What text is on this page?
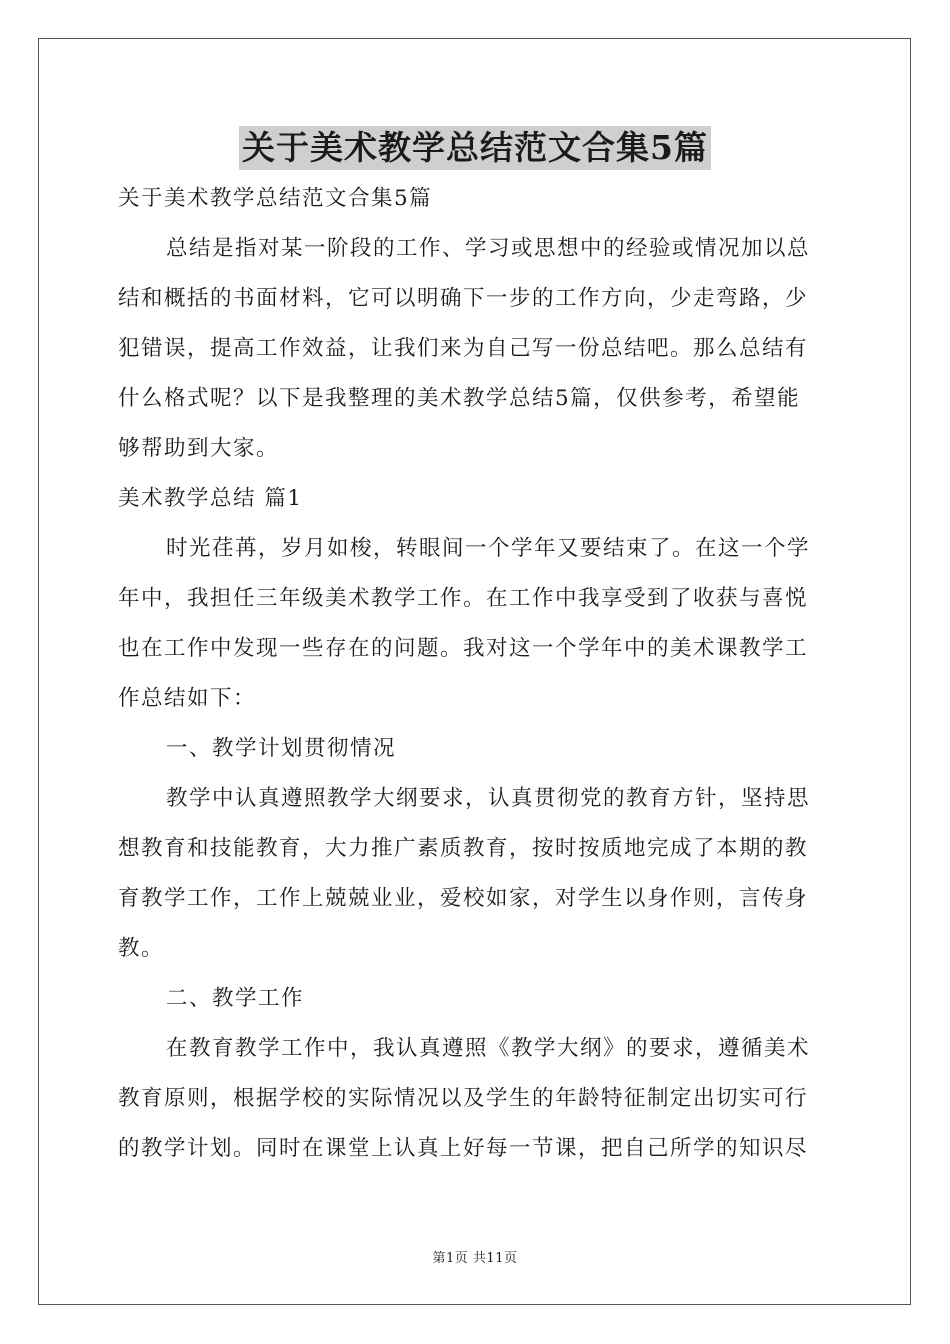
关于美术教学总结范文合集5篇
关于美术教学总结范文合集5篇
总结是指对某一阶段的工作、学习或思想中的经验或情况加以总
结和概括的书面材料，它可以明确下一步的工作方向，少走弯路，少
犯错误，提高工作效益，让我们来为自己写一份总结吧。那么总结有
什么格式呢？以下是我整理的美术教学总结5篇，仅供参考，希望能
够帮助到大家。
美术教学总结 篇1
时光荏苒，岁月如梭，转眼间一个学年又要结束了。在这一个学
年中，我担任三年级美术教学工作。在工作中我享受到了收获与喜悦
也在工作中发现一些存在的问题。我对这一个学年中的美术课教学工
作总结如下：
一、教学计划贯彻情况
教学中认真遵照教学大纲要求，认真贯彻党的教育方针，坚持思
想教育和技能教育，大力推广素质教育，按时按质地完成了本期的教
育教学工作，工作上兢兢业业，爱校如家，对学生以身作则，言传身
教。
二、教学工作
在教育教学工作中，我认真遵照《教学大纲》的要求，遵循美术
教育原则，根据学校的实际情况以及学生的年龄特征制定出切实可行
的教学计划。同时在课堂上认真上好每一节课，把自己所学的知识尽
第1页 共11页
